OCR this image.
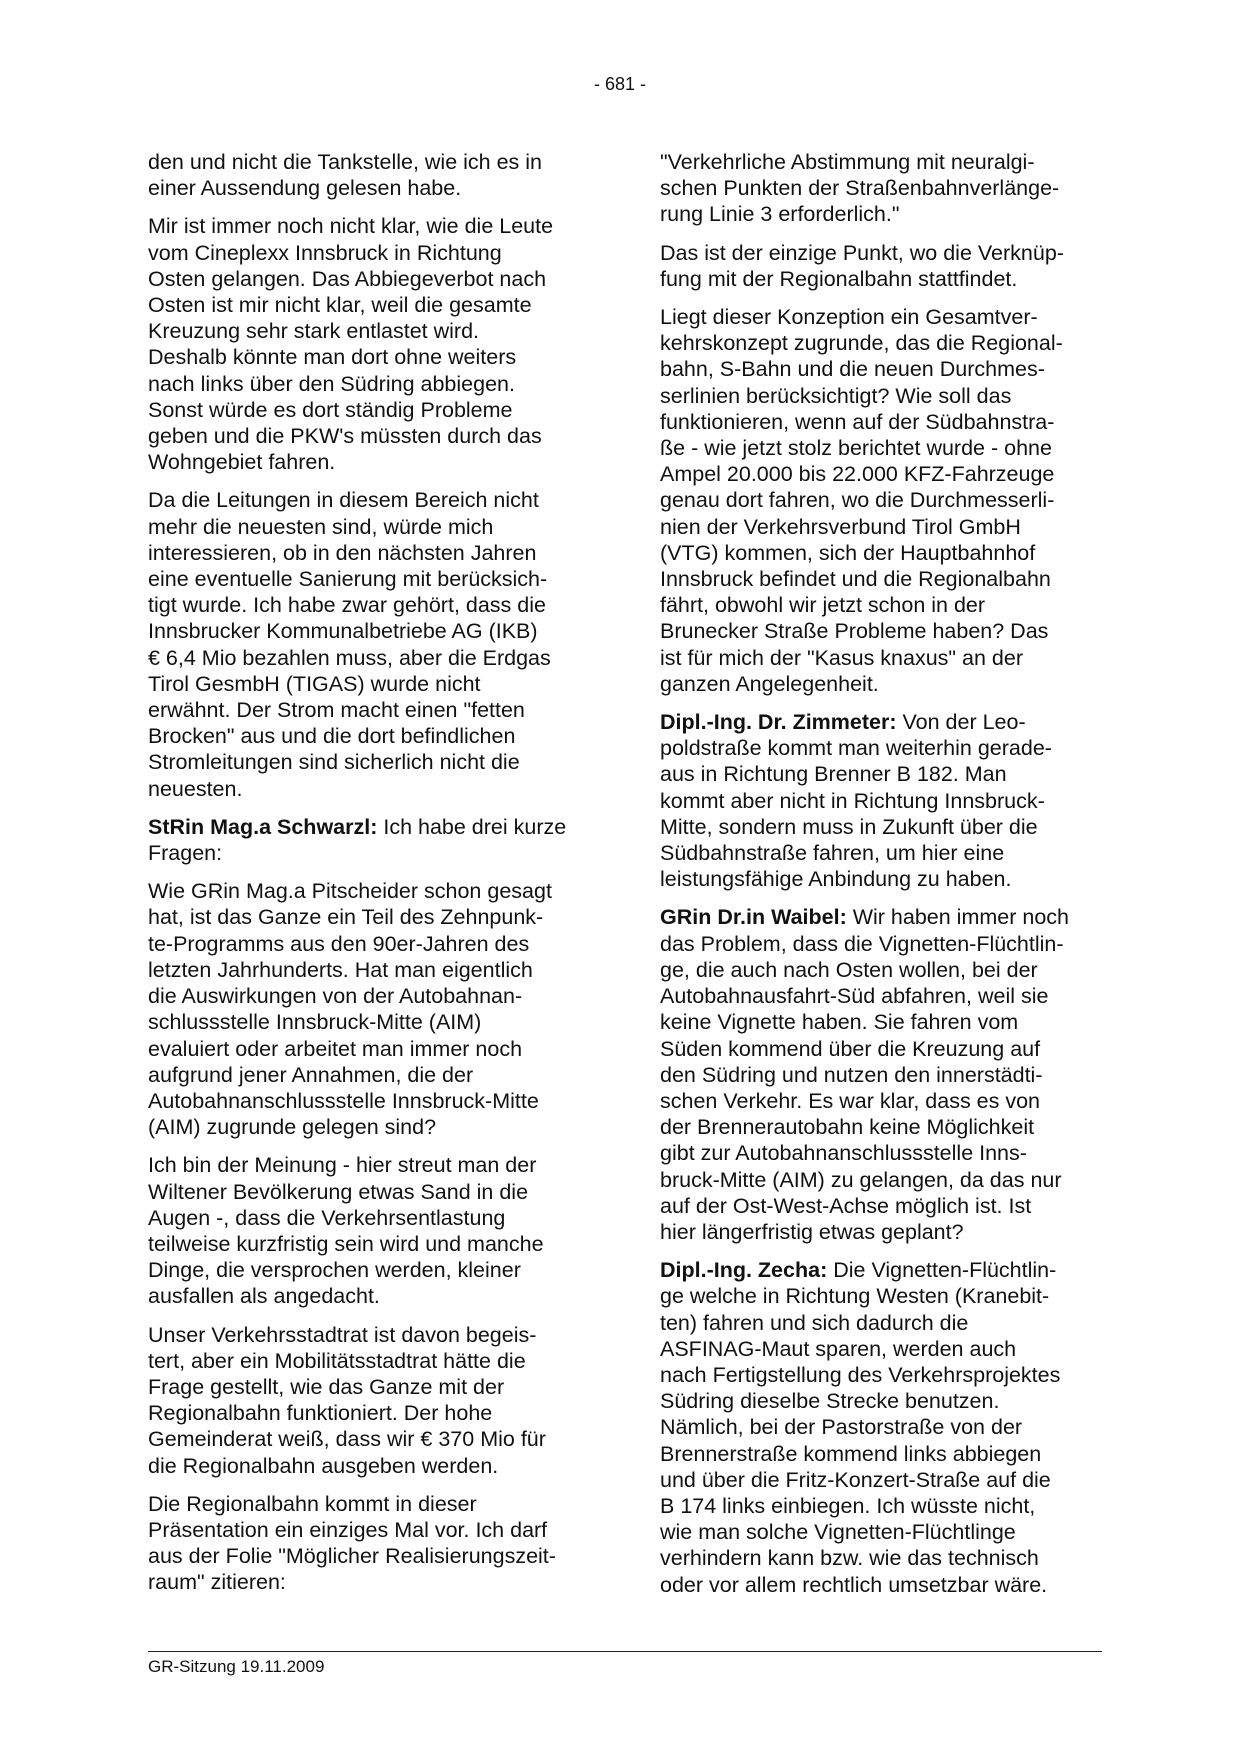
- 681 -

den und nicht die Tankstelle, wie ich es in
einer Aussendung gelesen habe.

Mir ist immer noch nicht klar, wie die Leute
vom Cineplexx Innsbruck in Richtung
Osten gelangen. Das Abbiegeverbot nach
Osten ist mir nicht klar, weil die gesamte
Kreuzung sehr stark entlastet wird.
Deshalb könnte man dort ohne weiters
nach links über den Südring abbiegen.
Sonst würde es dort ständig Probleme
geben und die PKW's müssten durch das
Wohngebiet fahren.

Da die Leitungen in diesem Bereich nicht
mehr die neuesten sind, würde mich
interessieren, ob in den nächsten Jahren
eine eventuelle Sanierung mit berücksich-
tigt wurde. Ich habe zwar gehört, dass die
Innsbrucker Kommunalbetriebe AG (IKB)
€ 6,4 Mio bezahlen muss, aber die Erdgas
Tirol GesmbH (TIGAS) wurde nicht
erwähnt. Der Strom macht einen "fetten
Brocken" aus und die dort befindlichen
Stromleitungen sind sicherlich nicht die
neuesten.

StRin Mag.a Schwarzl: Ich habe drei kurze
Fragen:

Wie GRin Mag.a Pitscheider schon gesagt
hat, ist das Ganze ein Teil des Zehnpunk-
te-Programms aus den 90er-Jahren des
letzten Jahrhunderts. Hat man eigentlich
die Auswirkungen von der Autobahnan-
schlussstelle Innsbruck-Mitte (AIM)
evaluiert oder arbeitet man immer noch
aufgrund jener Annahmen, die der
Autobahnanschlussstelle Innsbruck-Mitte
(AIM) zugrunde gelegen sind?

Ich bin der Meinung - hier streut man der
Wiltener Bevölkerung etwas Sand in die
Augen -, dass die Verkehrsentlastung
teilweise kurzfristig sein wird und manche
Dinge, die versprochen werden, kleiner
ausfallen als angedacht.

Unser Verkehrsstadtrat ist davon begeis-
tert, aber ein Mobilitätsstadtrat hätte die
Frage gestellt, wie das Ganze mit der
Regionalbahn funktioniert. Der hohe
Gemeinderat weiß, dass wir € 370 Mio für
die Regionalbahn ausgeben werden.

Die Regionalbahn kommt in dieser
Präsentation ein einziges Mal vor. Ich darf
aus der Folie "Möglicher Realisierungszeit-
raum" zitieren:

"Verkehrliche Abstimmung mit neuralgi-
schen Punkten der Straßenbahnverlänge-
rung Linie 3 erforderlich."

Das ist der einzige Punkt, wo die Verknüp-
fung mit der Regionalbahn stattfindet.

Liegt dieser Konzeption ein Gesamtver-
kehrskonzept zugrunde, das die Regional-
bahn, S-Bahn und die neuen Durchmes-
serlinien berücksichtigt? Wie soll das
funktionieren, wenn auf der Südbahnstra-
ße - wie jetzt stolz berichtet wurde - ohne
Ampel 20.000 bis 22.000 KFZ-Fahrzeuge
genau dort fahren, wo die Durchmesserli-
nien der Verkehrsverbund Tirol GmbH
(VTG) kommen, sich der Hauptbahnhof
Innsbruck befindet und die Regionalbahn
fährt, obwohl wir jetzt schon in der
Brunecker Straße Probleme haben? Das
ist für mich der "Kasus knaxus" an der
ganzen Angelegenheit.

Dipl.-Ing. Dr. Zimmeter: Von der Leo-
poldstraße kommt man weiterhin gerade-
aus in Richtung Brenner B 182. Man
kommt aber nicht in Richtung Innsbruck-
Mitte, sondern muss in Zukunft über die
Südbahnstraße fahren, um hier eine
leistungsfähige Anbindung zu haben.

GRin Dr.in Waibel: Wir haben immer noch
das Problem, dass die Vignetten-Flüchtlin-
ge, die auch nach Osten wollen, bei der
Autobahnausfahrt-Süd abfahren, weil sie
keine Vignette haben. Sie fahren vom
Süden kommend über die Kreuzung auf
den Südring und nutzen den innerstädti-
schen Verkehr. Es war klar, dass es von
der Brennerautobahn keine Möglichkeit
gibt zur Autobahnanschlussstelle Inns-
bruck-Mitte (AIM) zu gelangen, da das nur
auf der Ost-West-Achse möglich ist. Ist
hier längerfristig etwas geplant?

Dipl.-Ing. Zecha: Die Vignetten-Flüchtlin-
ge welche in Richtung Westen (Kranebit-
ten) fahren und sich dadurch die
ASFINAG-Maut sparen, werden auch
nach Fertigstellung des Verkehrsprojektes
Südring dieselbe Strecke benutzen.
Nämlich, bei der Pastorstraße von der
Brennerstraße kommend links abbiegen
und über die Fritz-Konzert-Straße auf die
B 174 links einbiegen. Ich wüsste nicht,
wie man solche Vignetten-Flüchtlinge
verhindern kann bzw. wie das technisch
oder vor allem rechtlich umsetzbar wäre.

GR-Sitzung 19.11.2009
